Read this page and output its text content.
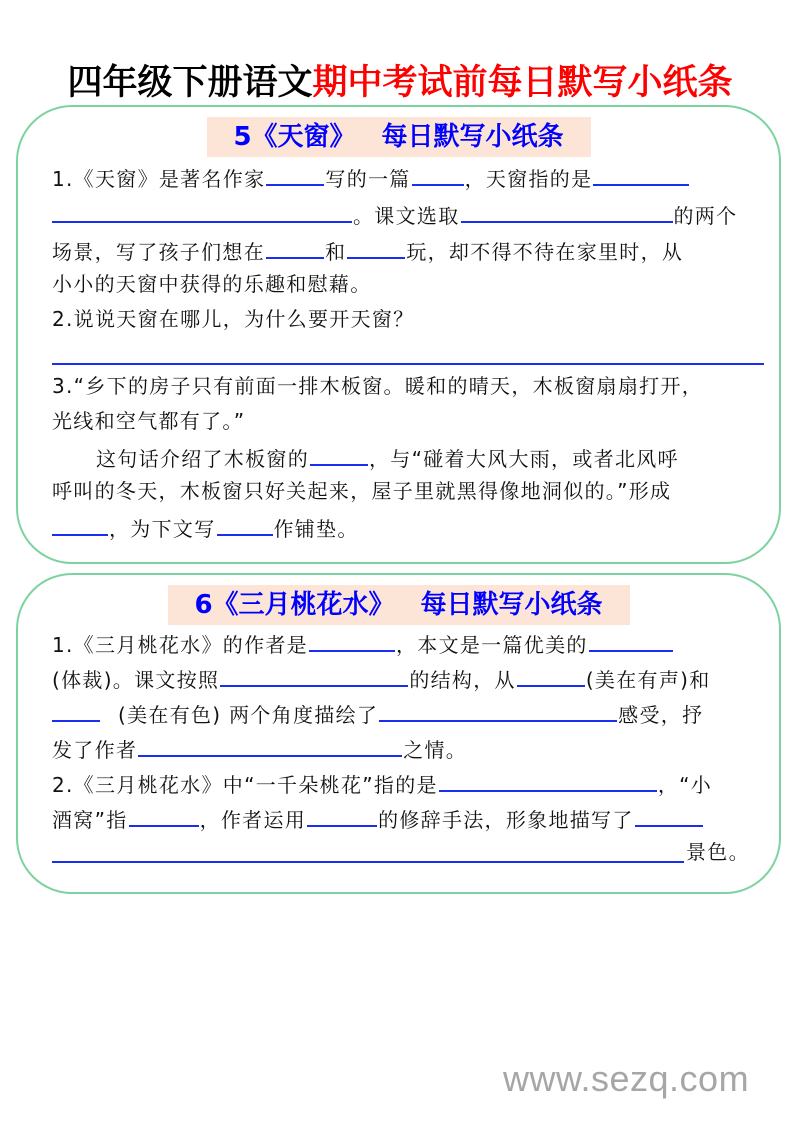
四年级下册语文期中考试前每日默写小纸条
5《天窗》 每日默写小纸条
1.《天窗》是著名作家	写的一篇	，天窗指的是
。课文选取	的两个
场景，写了孩子们想在	和	玩，却不得不待在家里时，从
小小的天窗中获得的乐趣和慰藉。
2.说说天窗在哪儿，为什么要开天窗？
3.“乡下的房子只有前面一排木板窗。暖和的晴天，木板窗扇扇打开，
光线和空气都有了。”
这句话介绍了木板窗的	，与“碰着大风大雨，或者北风呼
呼叫的冬天，木板窗只好关起来，屋子里就黑得像地洞似的。”形成
，为下文写	作铺垫。
6《三月桃花水》 每日默写小纸条
1.《三月桃花水》的作者是	，本文是一篇优美的
(体裁)。课文按照	的结构，从	(美在有声)和
(美在有色) 两个角度描绘了	感受，抒
发了作者	之情。
2.《三月桃花水》中“一千朵桃花”指的是	，“小
酒窝”指	，作者运用	的修辞手法，形象地描写了
景色。
www.sezq.com
